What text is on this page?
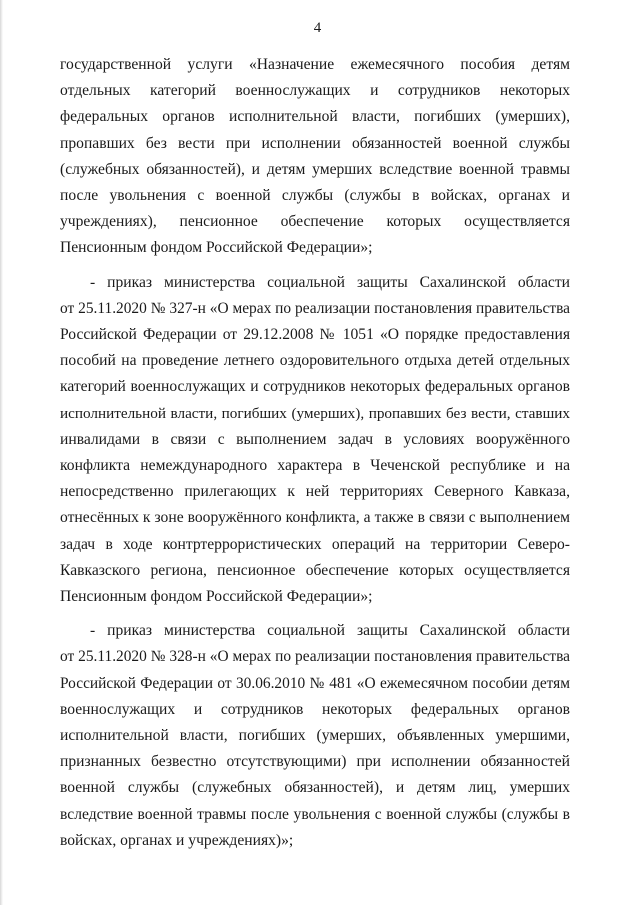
4
государственной услуги «Назначение ежемесячного пособия детям
отдельных категорий военнослужащих и сотрудников некоторых
федеральных органов исполнительной власти, погибших (умерших),
пропавших без вести при исполнении обязанностей военной службы
(служебных обязанностей), и детям умерших вследствие военной травмы
после увольнения с военной службы (службы в войсках, органах и
учреждениях), пенсионное обеспечение которых осуществляется
Пенсионным фондом Российской Федерации»;
- приказ министерства социальной защиты Сахалинской области
от 25.11.2020 № 327-н «О мерах по реализации постановления правительства
Российской Федерации от 29.12.2008 № 1051 «О порядке предоставления
пособий на проведение летнего оздоровительного отдыха детей отдельных
категорий военнослужащих и сотрудников некоторых федеральных органов
исполнительной власти, погибших (умерших), пропавших без вести, ставших
инвалидами в связи с выполнением задач в условиях вооружённого
конфликта немеждународного характера в Чеченской республике и на
непосредственно прилегающих к ней территориях Северного Кавказа,
отнесённых к зоне вооружённого конфликта, а также в связи с выполнением
задач в ходе контртеррористических операций на территории Северо-
Кавказского региона, пенсионное обеспечение которых осуществляется
Пенсионным фондом Российской Федерации»;
- приказ министерства социальной защиты Сахалинской области
от 25.11.2020 № 328-н «О мерах по реализации постановления правительства
Российской Федерации от 30.06.2010 № 481 «О ежемесячном пособии детям
военнослужащих и сотрудников некоторых федеральных органов
исполнительной власти, погибших (умерших, объявленных умершими,
признанных безвестно отсутствующими) при исполнении обязанностей
военной службы (служебных обязанностей), и детям лиц, умерших
вследствие военной травмы после увольнения с военной службы (службы в
войсках, органах и учреждениях)»;
